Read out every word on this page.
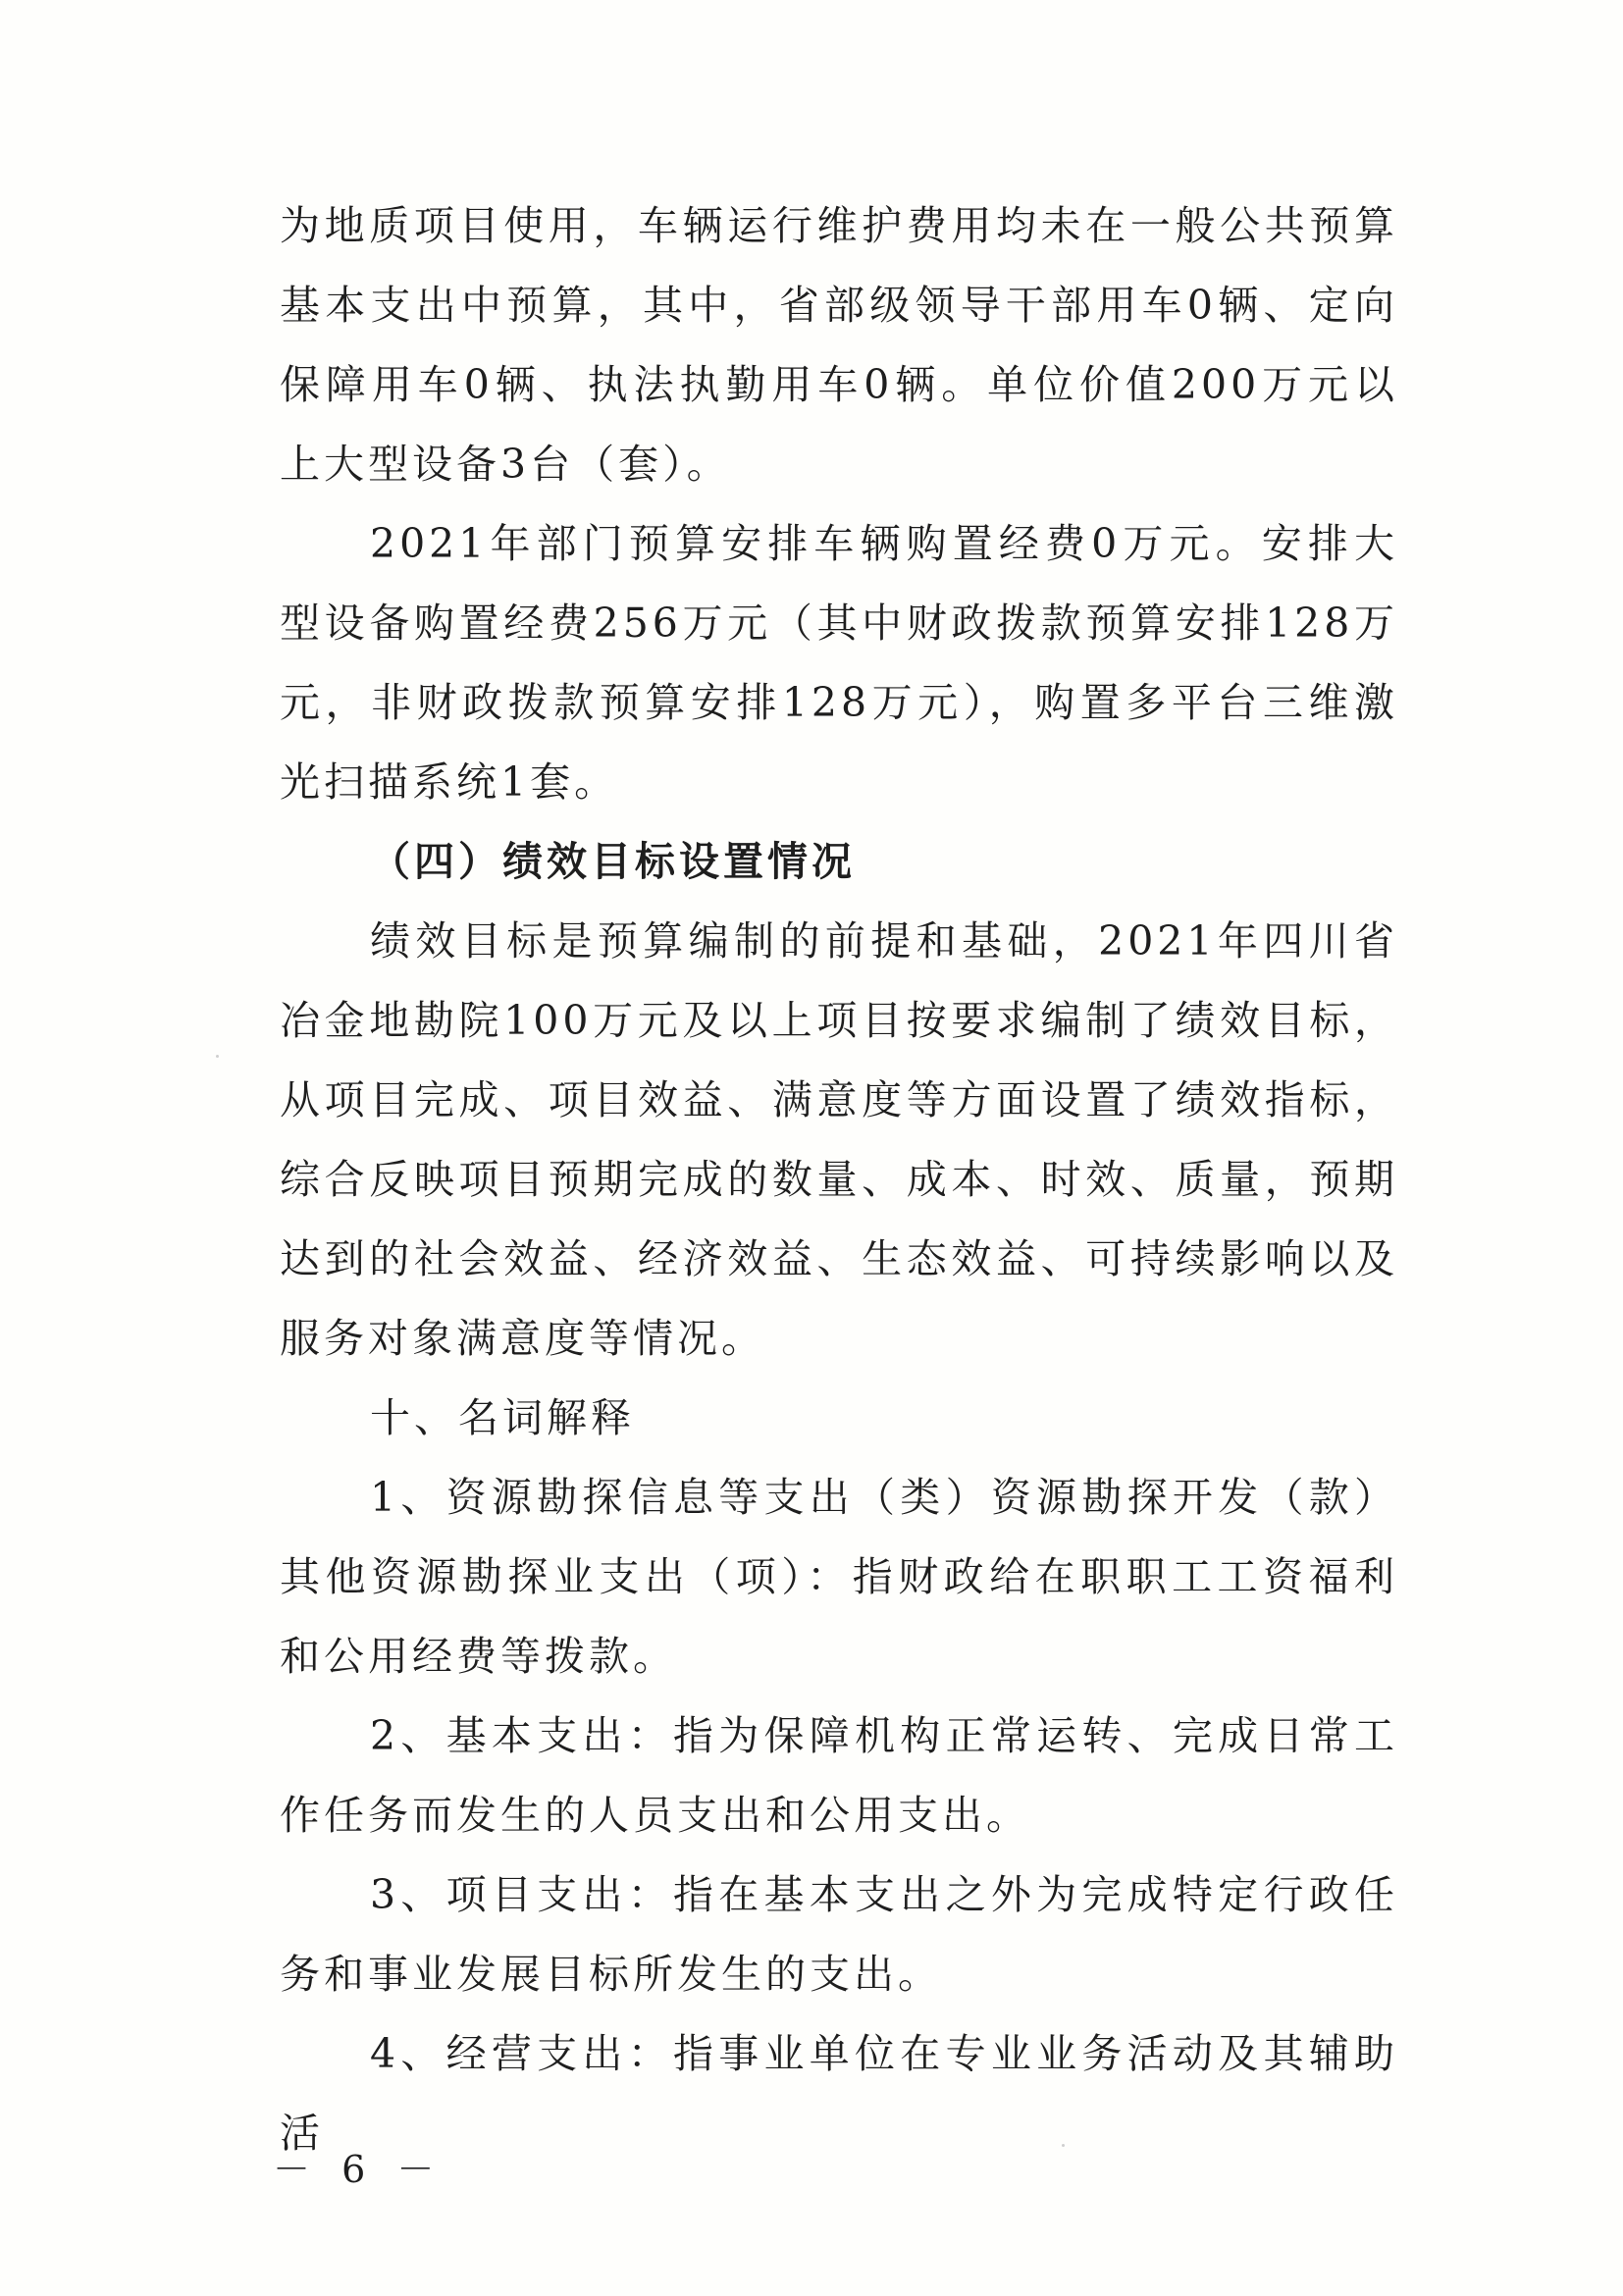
为地质项目使用，车辆运行维护费用均未在一般公共预算基本支出中预算，其中，省部级领导干部用车0辆、定向保障用车0辆、执法执勤用车0辆。单位价值200万元以上大型设备3台（套）。

2021年部门预算安排车辆购置经费0万元。安排大型设备购置经费256万元（其中财政拨款预算安排128万元，非财政拨款预算安排128万元），购置多平台三维激光扫描系统1套。

（四）绩效目标设置情况

绩效目标是预算编制的前提和基础，2021年四川省冶金地勘院100万元及以上项目按要求编制了绩效目标，从项目完成、项目效益、满意度等方面设置了绩效指标，综合反映项目预期完成的数量、成本、时效、质量，预期达到的社会效益、经济效益、生态效益、可持续影响以及服务对象满意度等情况。

十、名词解释

1、资源勘探信息等支出（类）资源勘探开发（款）其他资源勘探业支出（项）：指财政给在职职工工资福利和公用经费等拨款。

2、基本支出：指为保障机构正常运转、完成日常工作任务而发生的人员支出和公用支出。

3、项目支出：指在基本支出之外为完成特定行政任务和事业发展目标所发生的支出。

4、经营支出：指事业单位在专业业务活动及其辅助活

－ 6 －
